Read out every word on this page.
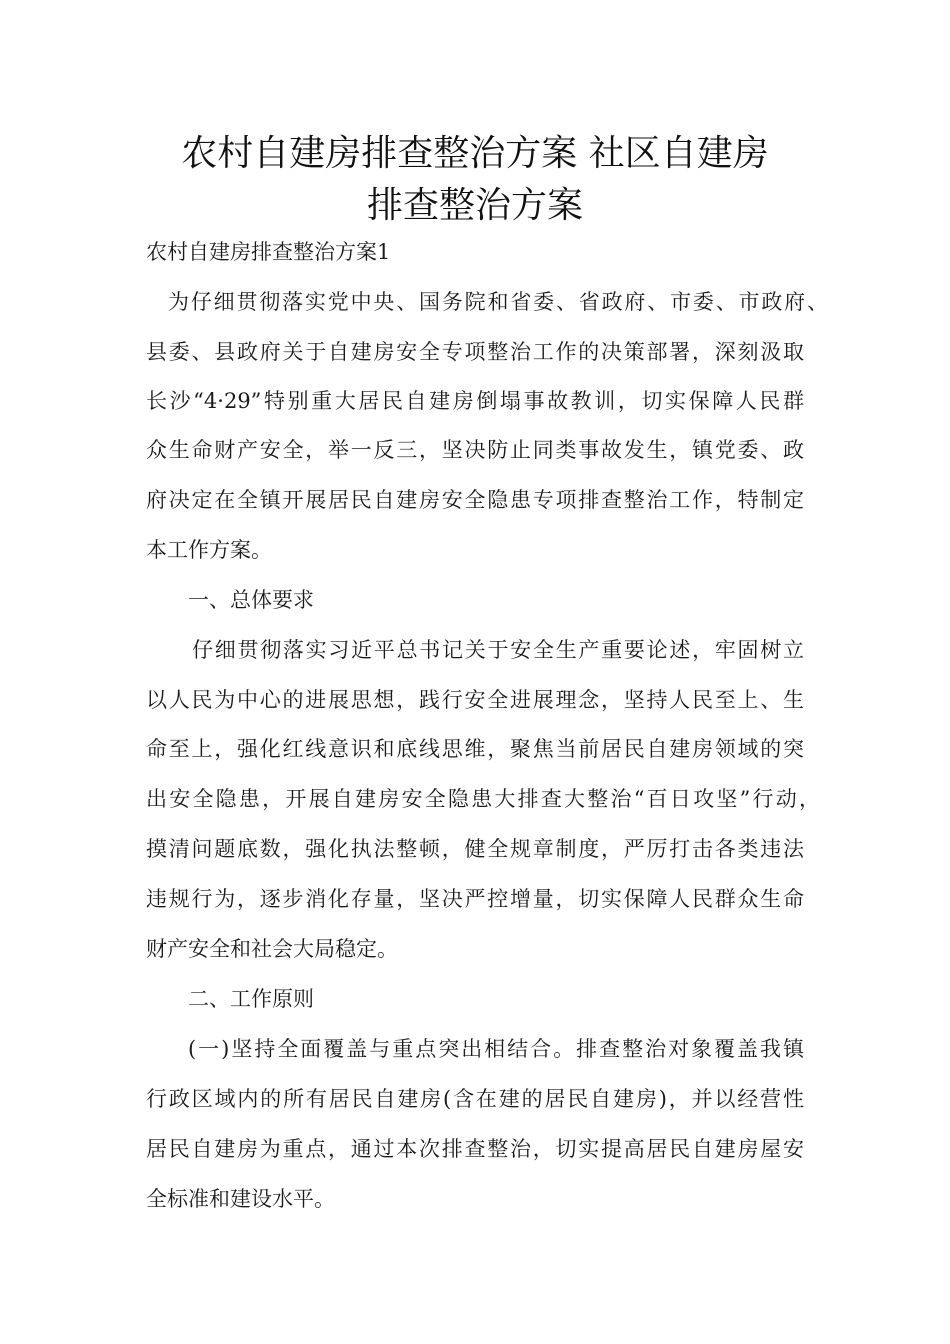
农村自建房排查整治方案 社区自建房
排查整治方案
农村自建房排查整治方案1
为仔细贯彻落实党中央、国务院和省委、省政府、市委、市政府、
县委、县政府关于自建房安全专项整治工作的决策部署，深刻汲取
长沙“4·29”特别重大居民自建房倒塌事故教训，切实保障人民群
众生命财产安全，举一反三，坚决防止同类事故发生，镇党委、政
府决定在全镇开展居民自建房安全隐患专项排查整治工作，特制定
本工作方案。
一、总体要求
仔细贯彻落实习近平总书记关于安全生产重要论述，牢固树立
以人民为中心的进展思想，践行安全进展理念，坚持人民至上、生
命至上，强化红线意识和底线思维，聚焦当前居民自建房领域的突
出安全隐患，开展自建房安全隐患大排查大整治“百日攻坚”行动，
摸清问题底数，强化执法整顿，健全规章制度，严厉打击各类违法
违规行为，逐步消化存量，坚决严控增量，切实保障人民群众生命
财产安全和社会大局稳定。
二、工作原则
(一)坚持全面覆盖与重点突出相结合。排查整治对象覆盖我镇
行政区域内的所有居民自建房(含在建的居民自建房)，并以经营性
居民自建房为重点，通过本次排查整治，切实提高居民自建房屋安
全标准和建设水平。
